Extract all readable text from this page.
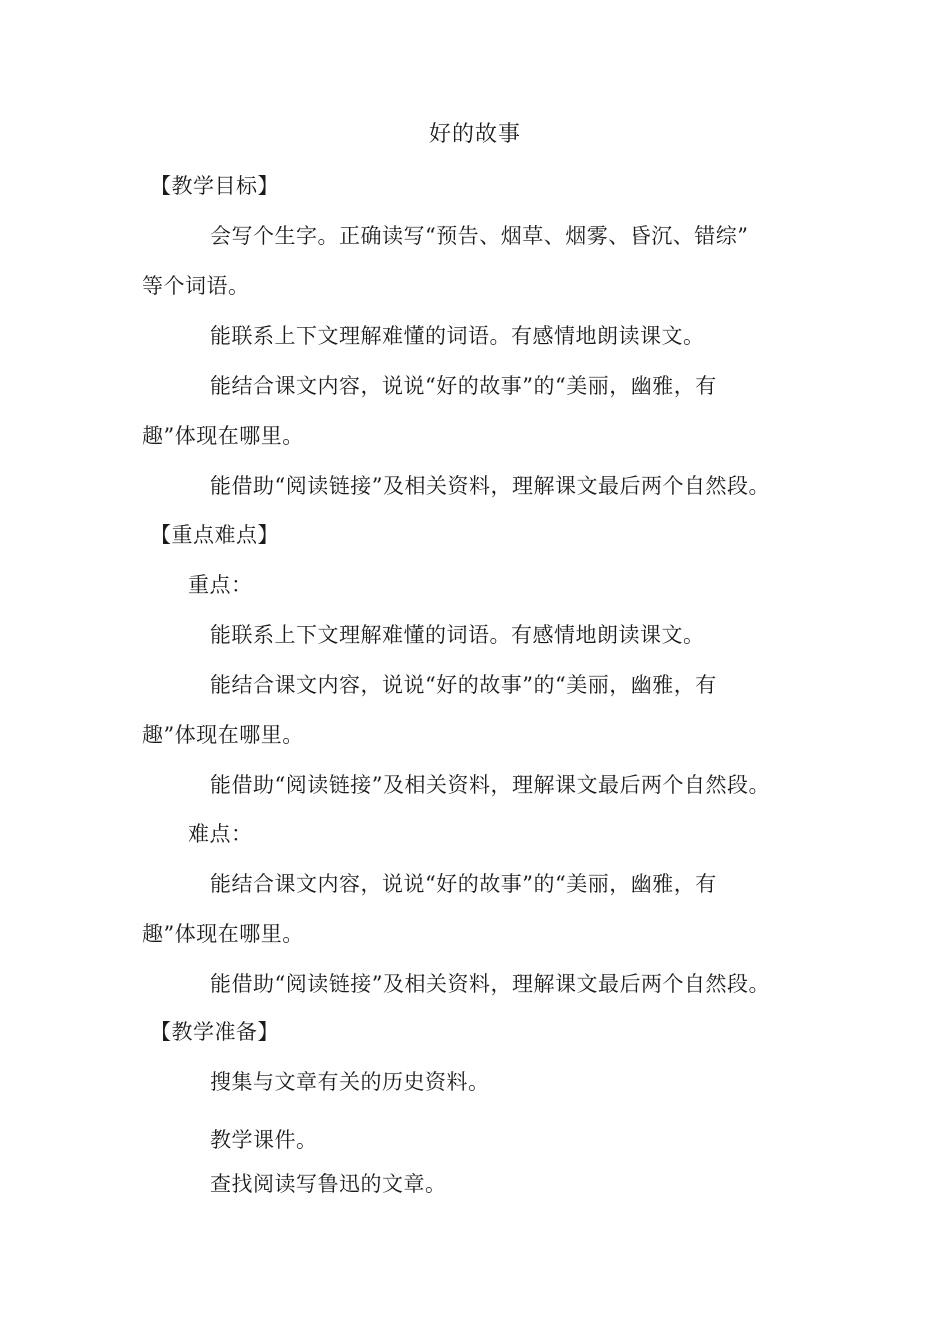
好的故事
【教学目标】
会写个生字。正确读写“预告、烟草、烟雾、昏沉、错综”
等个词语。
能联系上下文理解难懂的词语。有感情地朗读课文。
能结合课文内容，说说“好的故事”的“美丽，幽雅，有
趣”体现在哪里。
能借助“阅读链接”及相关资料，理解课文最后两个自然段。
【重点难点】
重点：
能联系上下文理解难懂的词语。有感情地朗读课文。
能结合课文内容，说说“好的故事”的“美丽，幽雅，有
趣”体现在哪里。
能借助“阅读链接”及相关资料，理解课文最后两个自然段。
难点：
能结合课文内容，说说“好的故事”的“美丽，幽雅，有
趣”体现在哪里。
能借助“阅读链接”及相关资料，理解课文最后两个自然段。
【教学准备】
搜集与文章有关的历史资料。
教学课件。
查找阅读写鲁迅的文章。
